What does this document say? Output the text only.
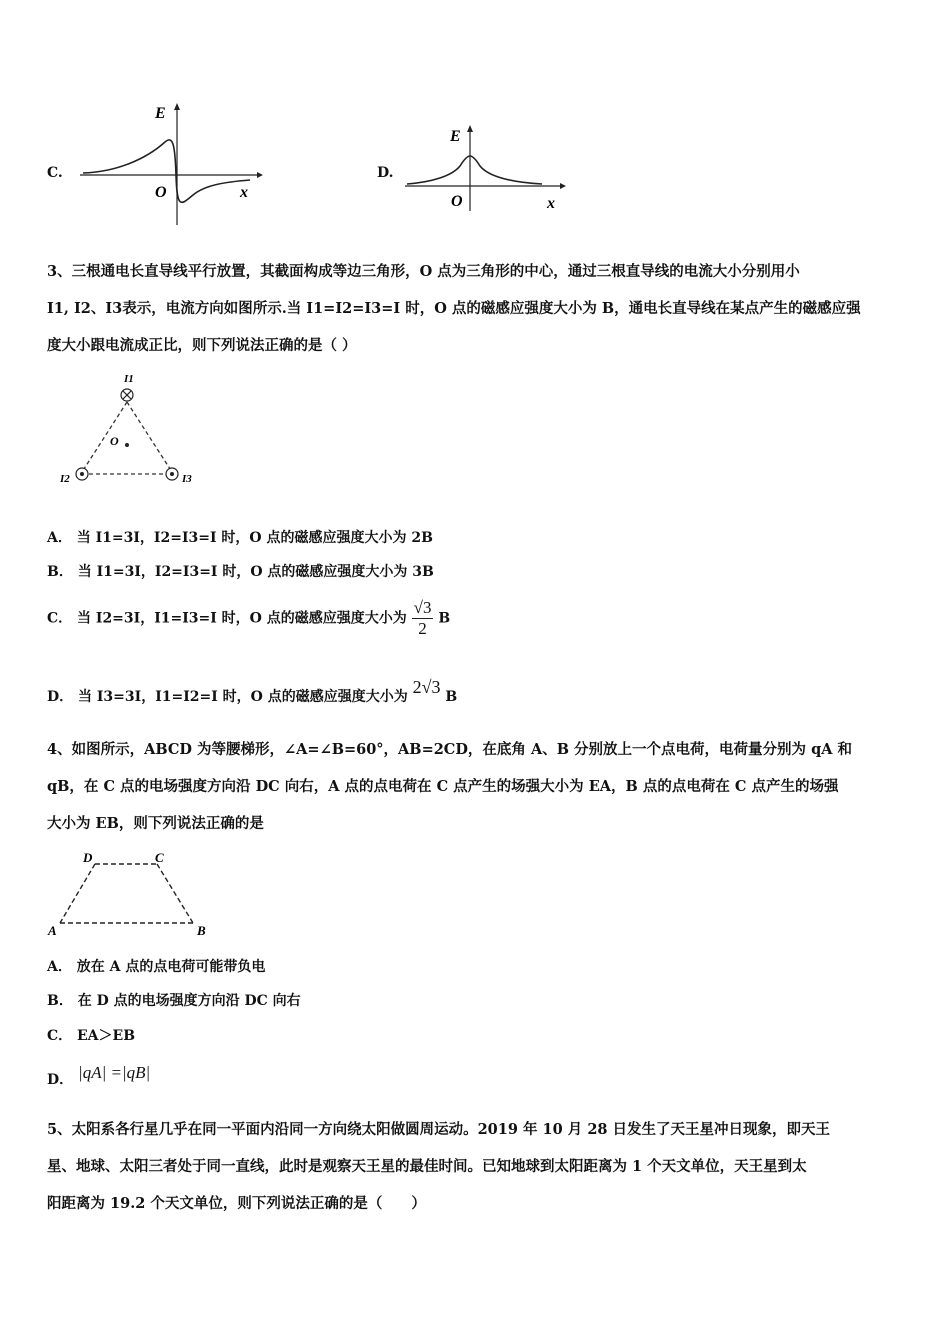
C.
E
O	x
D.
E
O	x
3、三根通电长直导线平行放置，其截面构成等边三角形，O 点为三角形的中心，通过三根直导线的电流大小分别用小
I1, I2、I3表示，电流方向如图所示.当 I1=I2=I3=I 时，O 点的磁感应强度大小为 B，通电长直导线在某点产生的磁感应强
度大小跟电流成正比，则下列说法正确的是（ ）
I1
I2	I3
O
A． 当 I1=3I，I2=I3=I 时，O 点的磁感应强度大小为 2B
B． 当 I1=3I，I2=I3=I 时，O 点的磁感应强度大小为 3B
C． 当 I2=3I，I1=I3=I 时，O 点的磁感应强度大小为 $\frac{√3}{2}$ B
D． 当 I3=3I，I1=I2=I 时，O 点的磁感应强度大小为 2√3 B
4、如图所示，ABCD 为等腰梯形，∠A=∠B=60°，AB=2CD，在底角 A、B 分别放上一个点电荷，电荷量分别为 qA 和
qB，在 C 点的电场强度方向沿 DC 向右，A 点的点电荷在 C 点产生的场强大小为 EA，B 点的点电荷在 C 点产生的场强
大小为 EB，则下列说法正确的是
D	C
A	B
A． 放在 A 点的点电荷可能带负电
B． 在 D 点的电场强度方向沿 DC 向右
C． EA＞EB
D． |qA| =|qB|
5、太阳系各行星几乎在同一平面内沿同一方向绕太阳做圆周运动。2019 年 10 月 28 日发生了天王星冲日现象，即天王
星、地球、太阳三者处于同一直线，此时是观察天王星的最佳时间。已知地球到太阳距离为 1 个天文单位，天王星到太
阳距离为 19.2 个天文单位，则下列说法正确的是（　　）
